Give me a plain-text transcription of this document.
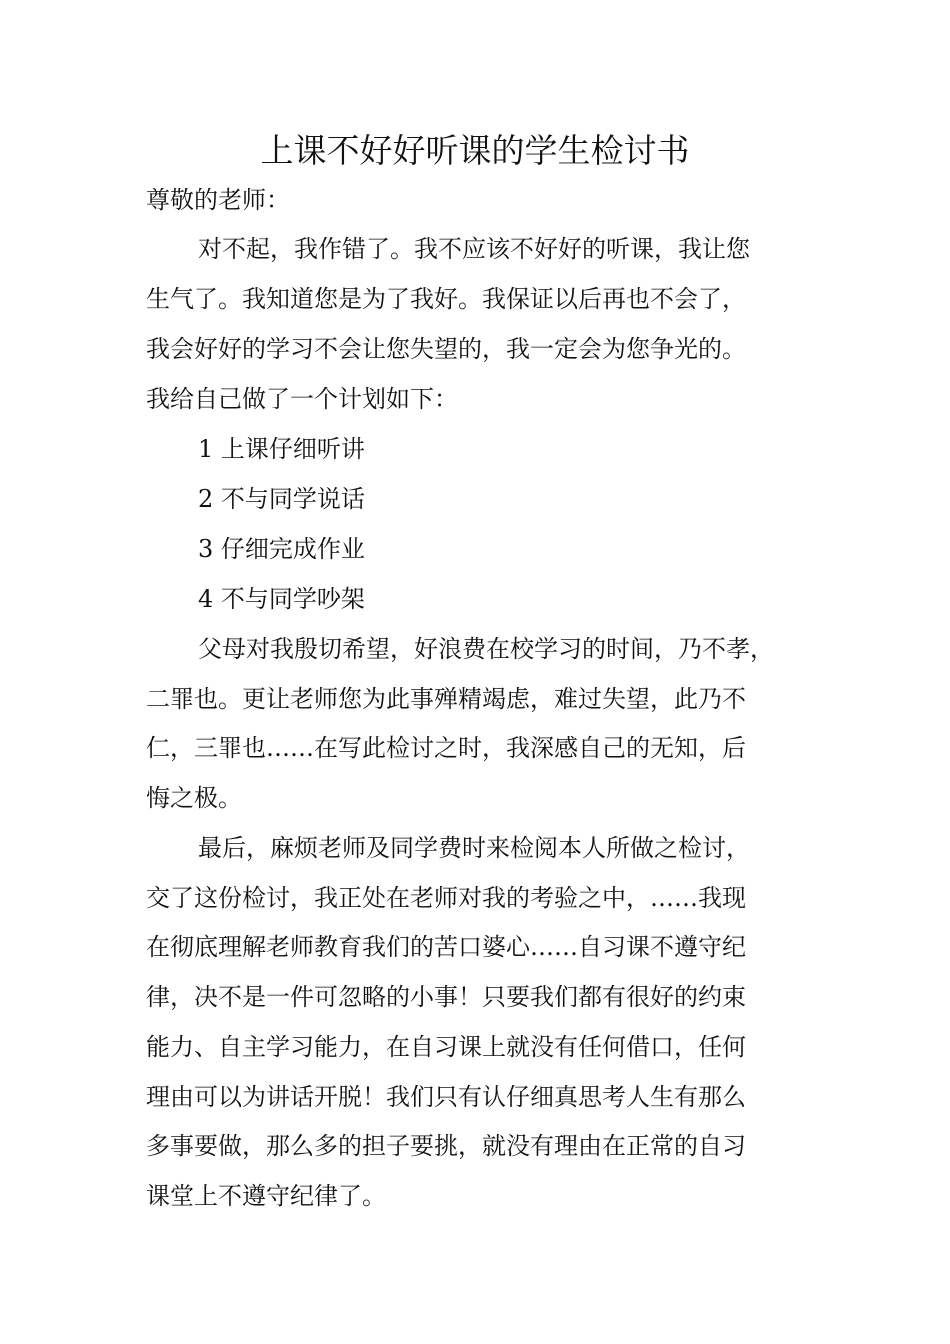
上课不好好听课的学生检讨书

尊敬的老师：

对不起，我作错了。我不应该不好好的听课，我让您

生气了。我知道您是为了我好。我保证以后再也不会了，

我会好好的学习不会让您失望的，我一定会为您争光的。

我给自己做了一个计划如下：

1 上课仔细听讲

2 不与同学说话

3 仔细完成作业

4 不与同学吵架

父母对我殷切希望，好浪费在校学习的时间，乃不孝，

二罪也。更让老师您为此事殚精竭虑，难过失望，此乃不

仁，三罪也……在写此检讨之时，我深感自己的无知，后

悔之极。

最后，麻烦老师及同学费时来检阅本人所做之检讨，

交了这份检讨，我正处在老师对我的考验之中，……我现

在彻底理解老师教育我们的苦口婆心……自习课不遵守纪

律，决不是一件可忽略的小事！只要我们都有很好的约束

能力、自主学习能力，在自习课上就没有任何借口，任何

理由可以为讲话开脱！我们只有认仔细真思考人生有那么

多事要做，那么多的担子要挑，就没有理由在正常的自习

课堂上不遵守纪律了。
